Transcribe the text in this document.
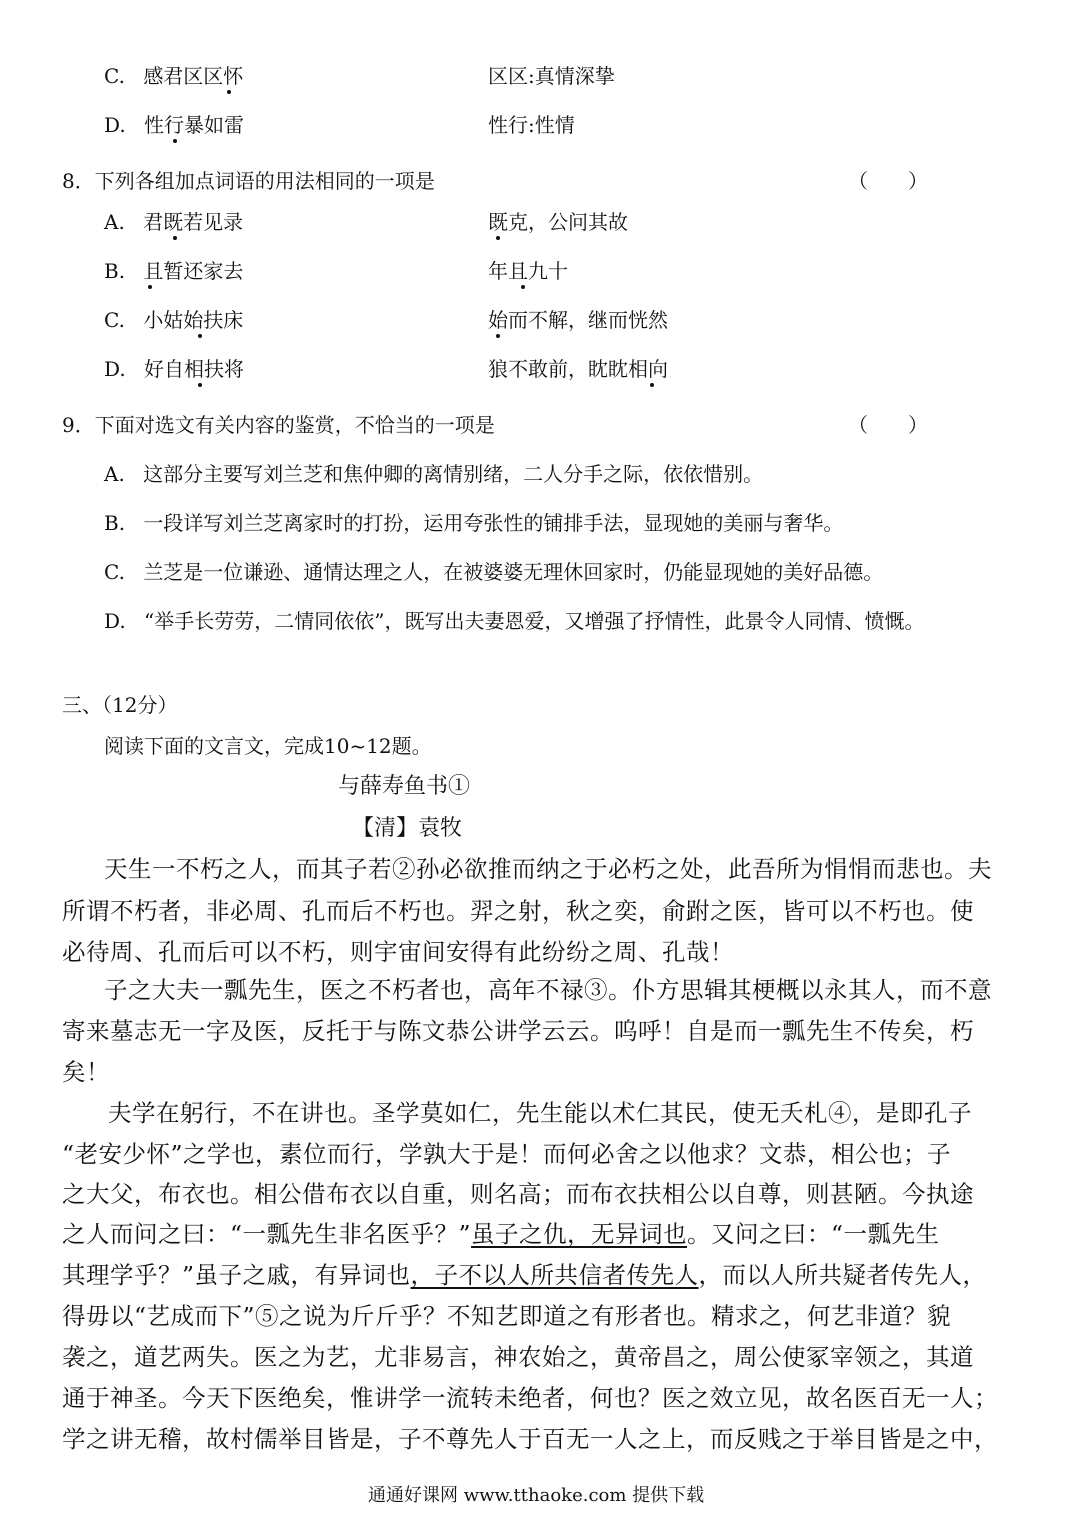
C. 感君区区怀	区区:真情深挚
D. 性行暴如雷	性行:性情
8．下列各组加点词语的用法相同的一项是	（　　）
A. 君既若见录	既克，公问其故
B. 且暂还家去	年且九十
C. 小姑始扶床	始而不解，继而恍然
D. 好自相扶将	狼不敢前，眈眈相向
9．下面对选文有关内容的鉴赏，不恰当的一项是	（　　）
A. 这部分主要写刘兰芝和焦仲卿的离情别绪，二人分手之际，依依惜别。
B. 一段详写刘兰芝离家时的打扮，运用夸张性的铺排手法，显现她的美丽与奢华。
C. 兰芝是一位谦逊、通情达理之人，在被婆婆无理休回家时，仍能显现她的美好品德。
D. “举手长劳劳，二情同依依”，既写出夫妻恩爱，又增强了抒情性，此景令人同情、愤慨。
三、（12分）
阅读下面的文言文，完成10~12题。
与薛寿鱼书①
【清】袁牧
天生一不朽之人，而其子若②孙必欲推而纳之于必朽之处，此吾所为悁悁而悲也。夫
所谓不朽者，非必周、孔而后不朽也。羿之射，秋之奕，俞跗之医，皆可以不朽也。使
必待周、孔而后可以不朽，则宇宙间安得有此纷纷之周、孔哉！
子之大夫一瓢先生，医之不朽者也，高年不禄③。仆方思辑其梗概以永其人，而不意
寄来墓志无一字及医，反托于与陈文恭公讲学云云。呜呼！自是而一瓢先生不传矣，朽
矣！
夫学在躬行，不在讲也。圣学莫如仁，先生能以术仁其民，使无夭札④，是即孔子
“老安少怀”之学也，素位而行，学孰大于是！而何必舍之以他求？文恭，相公也；子
之大父，布衣也。相公借布衣以自重，则名高；而布衣扶相公以自尊，则甚陋。今执途
之人而问之曰：“一瓢先生非名医乎？”虽子之仇，无异词也。又问之曰：“一瓢先生
其理学乎？”虽子之戚，有异词也，子不以人所共信者传先人，而以人所共疑者传先人，
得毋以“艺成而下”⑤之说为斤斤乎？不知艺即道之有形者也。精求之，何艺非道？貌
袭之，道艺两失。医之为艺，尤非易言，神农始之，黄帝昌之，周公使冢宰领之，其道
通于神圣。今天下医绝矣，惟讲学一流转未绝者，何也？医之效立见，故名医百无一人；
学之讲无稽，故村儒举目皆是，子不尊先人于百无一人之上，而反贱之于举目皆是之中，
通通好课网 www.tthaoke.com 提供下载
